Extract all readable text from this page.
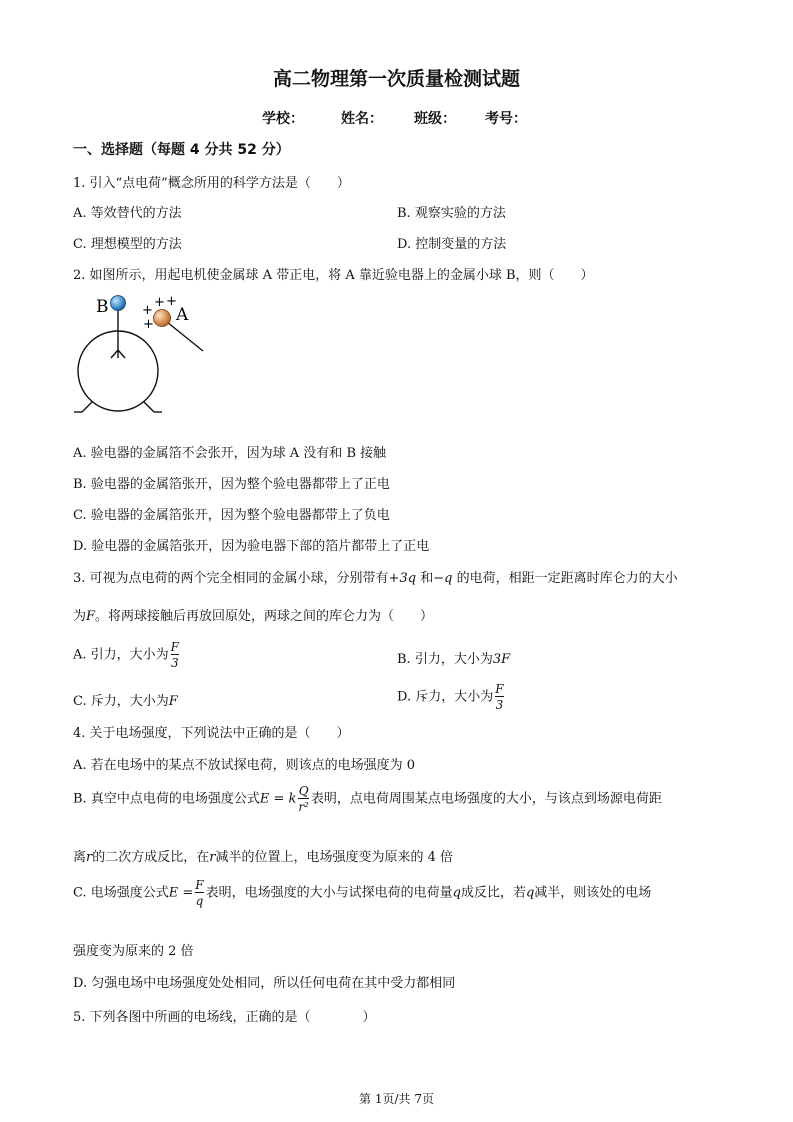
高二物理第一次质量检测试题
学校：	姓名： 班级： 考号：
一、选择题（每题 4 分共 52 分）
1. 引入“点电荷”概念所用的科学方法是（　　）
A. 等效替代的方法	B. 观察实验的方法
C. 理想模型的方法	D. 控制变量的方法
2. 如图所示，用起电机使金属球 A 带正电，将 A 靠近验电器上的金属小球 B，则（　　）
B	A
+ +
+
+
A. 验电器的金属箔不会张开，因为球 A 没有和 B 接触
B. 验电器的金属箔张开，因为整个验电器都带上了正电
C. 验电器的金属箔张开，因为整个验电器都带上了负电
D. 验电器的金属箔张开，因为验电器下部的箔片都带上了正电
3. 可视为点电荷的两个完全相同的金属小球，分别带有+3q 和−q 的电荷，相距一定距离时库仑力的大小
为F。将两球接触后再放回原处，两球之间的库仑力为（　　）
A. 引力，大小为 $\frac{F}{3}$	B. 引力，大小为3F
C. 斥力，大小为F	D. 斥力，大小为 $\frac{F}{3}$
4. 关于电场强度，下列说法中正确的是（　　）
A. 若在电场中的某点不放试探电荷，则该点的电场强度为 0
B. 真空中点电荷的电场强度公式E = k $\frac{Q}{\text{r²}}$ 表明，点电荷周围某点电场强度的大小，与该点到场源电荷距
离r的二次方成反比，在r减半的位置上，电场强度变为原来的 4 倍
C. 电场强度公式$E = \frac{F}{q}$ 表明，电场强度的大小与试探电荷的电荷量q成反比，若q减半，则该处的电场
强度变为原来的 2 倍
D. 匀强电场中电场强度处处相同，所以任何电荷在其中受力都相同
5. 下列各图中所画的电场线，正确的是（　　　　）
第 1页/共 7页
